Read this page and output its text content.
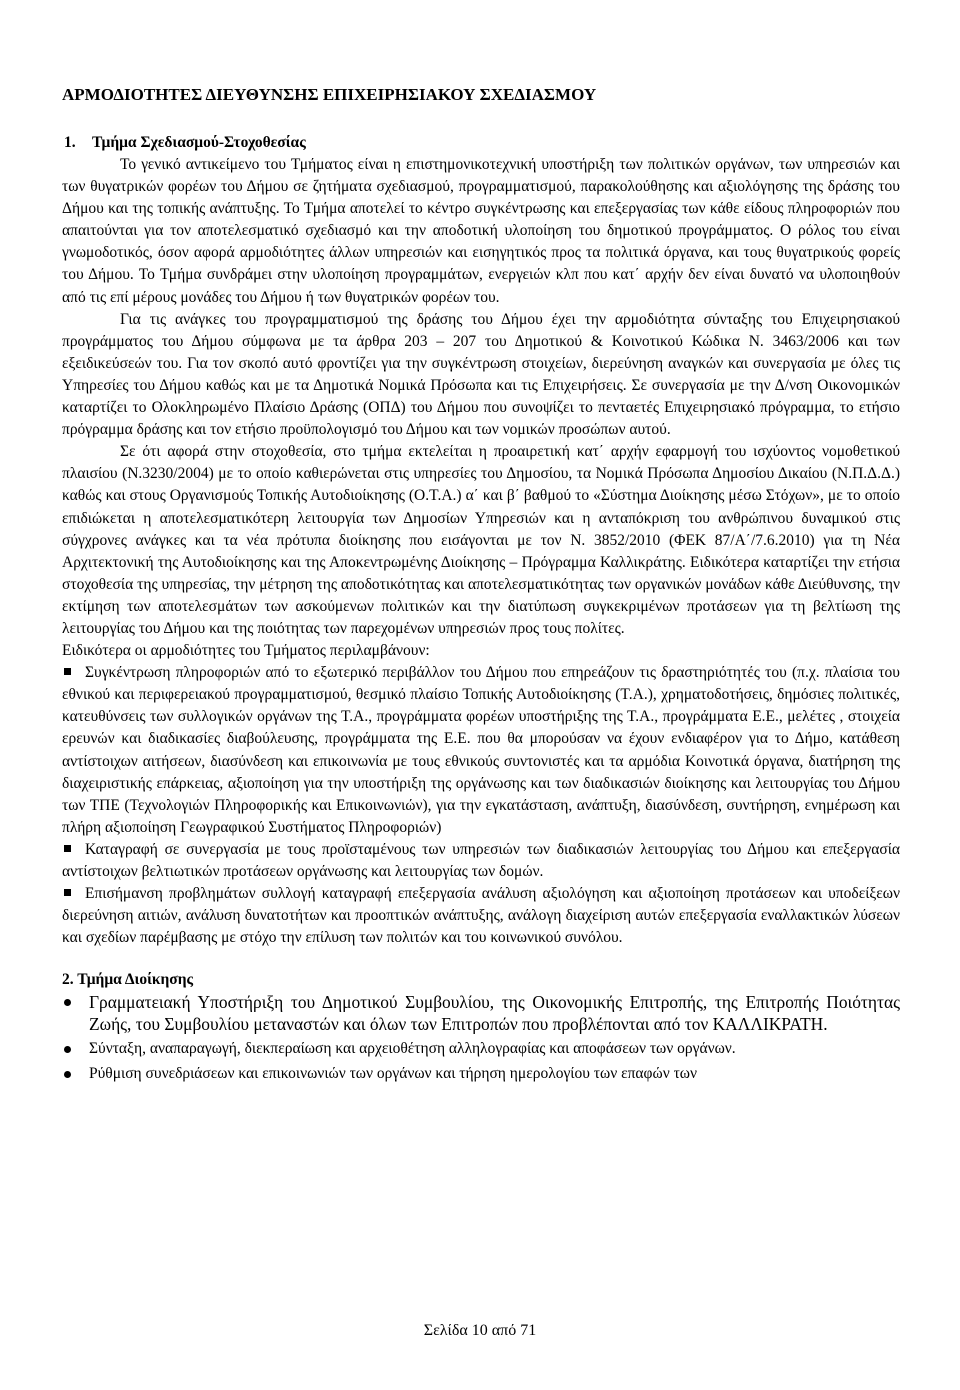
ΑΡΜΟΔΙΟΤΗΤΕΣ ΔΙΕΥΘΥΝΣΗΣ ΕΠΙΧΕΙΡΗΣΙΑΚΟΥ ΣΧΕΔΙΑΣΜΟΥ
1. Τμήμα Σχεδιασμού-Στοχοθεσίας

Το γενικό αντικείμενο του Τμήματος είναι η επιστημονικοτεχνική υποστήριξη των πολιτικών οργάνων, των υπηρεσιών και των θυγατρικών φορέων του Δήμου σε ζητήματα σχεδιασμού, προγραμματισμού, παρακολούθησης και αξιολόγησης της δράσης του Δήμου και της τοπικής ανάπτυξης. Το Τμήμα αποτελεί το κέντρο συγκέντρωσης και επεξεργασίας των κάθε είδους πληροφοριών που απαιτούνται για τον αποτελεσματικό σχεδιασμό και την αποδοτική υλοποίηση του δημοτικού προγράμματος. Ο ρόλος του είναι γνωμοδοτικός, όσον αφορά αρμοδιότητες άλλων υπηρεσιών και εισηγητικός προς τα πολιτικά όργανα, και τους θυγατρικούς φορείς του Δήμου. Το Τμήμα συνδράμει στην υλοποίηση προγραμμάτων, ενεργειών κλπ που κατ΄ αρχήν δεν είναι δυνατό να υλοποιηθούν από τις επί μέρους μονάδες του Δήμου ή των θυγατρικών φορέων του.

Για τις ανάγκες του προγραμματισμού της δράσης του Δήμου έχει την αρμοδιότητα σύνταξης του Επιχειρησιακού προγράμματος του Δήμου σύμφωνα με τα άρθρα 203 – 207 του Δημοτικού & Κοινοτικού Κώδικα Ν. 3463/2006 και των εξειδικεύσεών του. Για τον σκοπό αυτό φροντίζει για την συγκέντρωση στοιχείων, διερεύνηση αναγκών και συνεργασία με όλες τις Υπηρεσίες του Δήμου καθώς και με τα Δημοτικά Νομικά Πρόσωπα και τις Επιχειρήσεις. Σε συνεργασία με την Δ/νση Οικονομικών καταρτίζει το Ολοκληρωμένο Πλαίσιο Δράσης (ΟΠΔ) του Δήμου που συνοψίζει το πενταετές Επιχειρησιακό πρόγραμμα, το ετήσιο πρόγραμμα δράσης και τον ετήσιο προϋπολογισμό του Δήμου και των νομικών προσώπων αυτού.

Σε ότι αφορά στην στοχοθεσία, στο τμήμα εκτελείται η προαιρετική κατ΄ αρχήν εφαρμογή του ισχύοντος νομοθετικού πλαισίου (Ν.3230/2004) με το οποίο καθιερώνεται στις υπηρεσίες του Δημοσίου, τα Νομικά Πρόσωπα Δημοσίου Δικαίου (Ν.Π.Δ.Δ.) καθώς και στους Οργανισμούς Τοπικής Αυτοδιοίκησης (Ο.Τ.Α.) α΄ και β΄ βαθμού το «Σύστημα Διοίκησης μέσω Στόχων», με το οποίο επιδιώκεται η αποτελεσματικότερη λειτουργία των Δημοσίων Υπηρεσιών και η ανταπόκριση του ανθρώπινου δυναμικού στις σύγχρονες ανάγκες και τα νέα πρότυπα διοίκησης που εισάγονται με τον Ν. 3852/2010 (ΦΕΚ 87/Α΄/7.6.2010) για τη Νέα Αρχιτεκτονική της Αυτοδιοίκησης και της Αποκεντρωμένης Διοίκησης – Πρόγραμμα Καλλικράτης. Ειδικότερα καταρτίζει την ετήσια στοχοθεσία της υπηρεσίας, την μέτρηση της αποδοτικότητας και αποτελεσματικότητας των οργανικών μονάδων κάθε Διεύθυνσης, την εκτίμηση των αποτελεσμάτων των ασκούμενων πολιτικών και την διατύπωση συγκεκριμένων προτάσεων για τη βελτίωση της λειτουργίας του Δήμου και της ποιότητας των παρεχομένων υπηρεσιών προς τους πολίτες.

Ειδικότερα οι αρμοδιότητες του Τμήματος περιλαμβάνουν:

Συγκέντρωση πληροφοριών από το εξωτερικό περιβάλλον του Δήμου που επηρεάζουν τις δραστηριότητές του (π.χ. πλαίσια του εθνικού και περιφερειακού προγραμματισμού, θεσμικό πλαίσιο Τοπικής Αυτοδιοίκησης (Τ.Α.), χρηματοδοτήσεις, δημόσιες πολιτικές, κατευθύνσεις των συλλογικών οργάνων της Τ.Α., προγράμματα φορέων υποστήριξης της Τ.Α., προγράμματα Ε.Ε., μελέτες , στοιχεία ερευνών και διαδικασίες διαβούλευσης, προγράμματα της Ε.Ε. που θα μπορούσαν να έχουν ενδιαφέρον για το Δήμο, κατάθεση αντίστοιχων αιτήσεων, διασύνδεση και επικοινωνία με τους εθνικούς συντονιστές και τα αρμόδια Κοινοτικά όργανα, διατήρηση της διαχειριστικής επάρκειας, αξιοποίηση για την υποστήριξη της οργάνωσης και των διαδικασιών διοίκησης και λειτουργίας του Δήμου των ΤΠΕ (Τεχνολογιών Πληροφορικής και Επικοινωνιών), για την εγκατάσταση, ανάπτυξη, διασύνδεση, συντήρηση, ενημέρωση και πλήρη αξιοποίηση Γεωγραφικού Συστήματος Πληροφοριών)

Καταγραφή σε συνεργασία με τους προϊσταμένους των υπηρεσιών των διαδικασιών λειτουργίας του Δήμου και επεξεργασία αντίστοιχων βελτιωτικών προτάσεων οργάνωσης και λειτουργίας των δομών.

Επισήμανση προβλημάτων συλλογή καταγραφή επεξεργασία ανάλυση αξιολόγηση και αξιοποίηση προτάσεων και υποδείξεων διερεύνηση αιτιών, ανάλυση δυνατοτήτων και προοπτικών ανάπτυξης, ανάλογη διαχείριση αυτών επεξεργασία εναλλακτικών λύσεων και σχεδίων παρέμβασης με στόχο την επίλυση των πολιτών και του κοινωνικού συνόλου.

2. Τμήμα Διοίκησης

Γραμματειακή Υποστήριξη του Δημοτικού Συμβουλίου, της Οικονομικής Επιτροπής, της Επιτροπής Ποιότητας Ζωής, του Συμβουλίου μεταναστών και όλων των Επιτροπών που προβλέπονται από τον ΚΑΛΛΙΚΡΑΤΗ.

Σύνταξη, αναπαραγωγή, διεκπεραίωση και αρχειοθέτηση αλληλογραφίας και αποφάσεων των οργάνων.

Ρύθμιση συνεδριάσεων και επικοινωνιών των οργάνων και τήρηση ημερολογίου των επαφών των

Σελίδα 10 από 71
